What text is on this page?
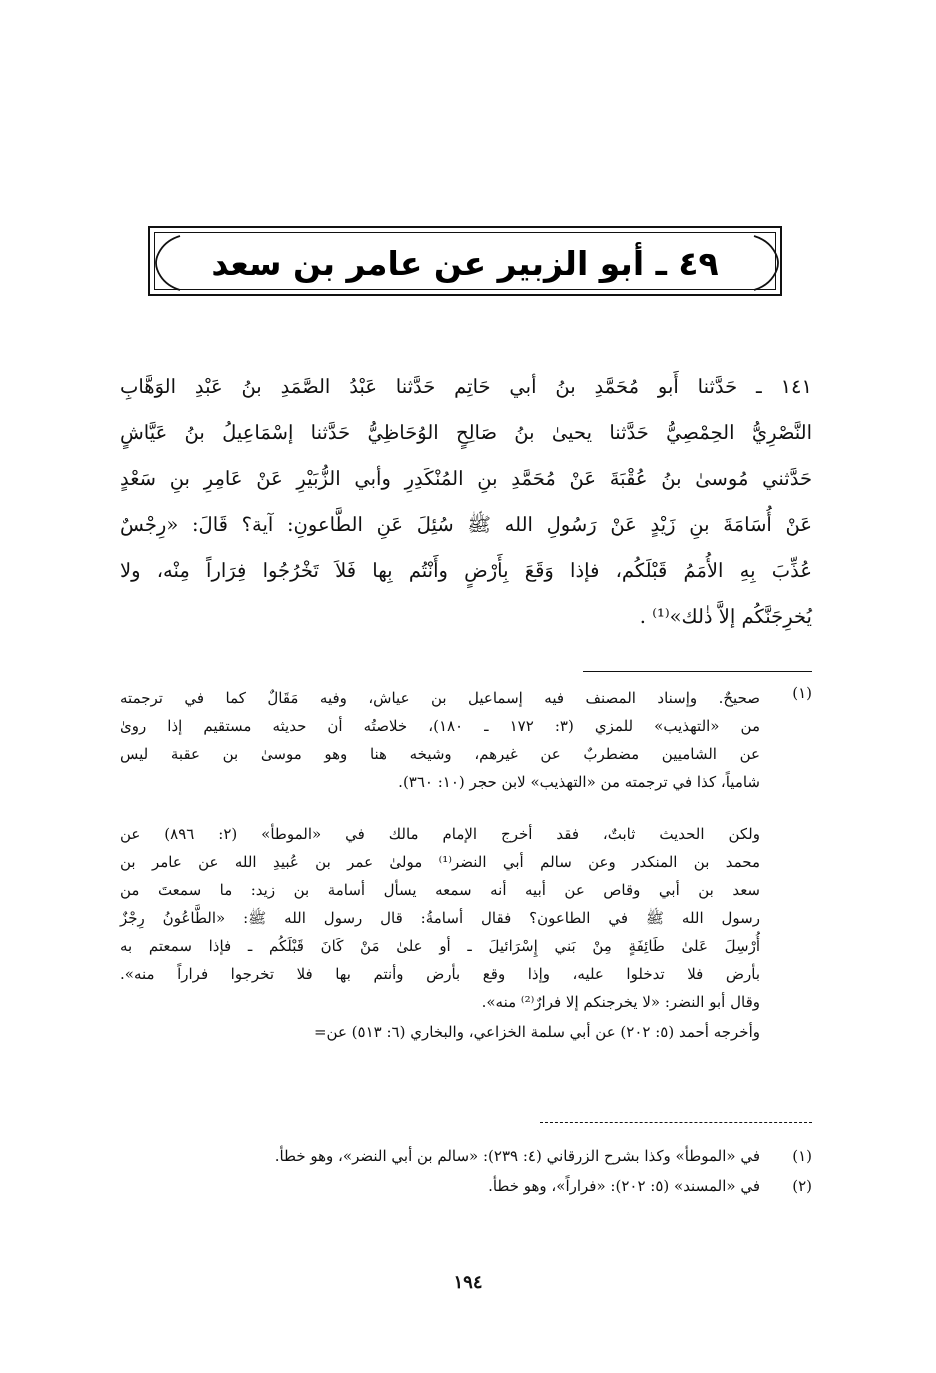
٤٩ ـ أبو الزبير عن عامر بن سعد
١٤١ ـ حَدَّثنا أَبو مُحَمَّدِ بنُ أبي حَاتِم حَدَّثنا عَبْدُ الصَّمَدِ بنُ عَبْدِ الوَهَّابِ
النَّصْرِيُّ الحِمْصِيُّ حَدَّثنا يحيىٰ بنُ صَالِحٍ الوُحَاظِيُّ حَدَّثنا إسْمَاعِيلُ بنُ عَيَّاشٍ
حَدَّثني مُوسىٰ بنُ عُقْبَةَ عَنْ مُحَمَّدِ بنِ المُنْكَدِرِ وأبي الزُّبَيْرِ عَنْ عَامِرِ بنِ سَعْدٍ
عَنْ أُسَامَةَ بنِ زَيْدٍ عَنْ رَسُولِ الله ﷺ سُئِلَ عَنِ الطَّاعونِ: آية؟ قَالَ: «رِجْسٌ
عُذِّبَ بِهِ الأُمَمُ قَبْلَكُم، فإذا وَقَعَ بِأَرْضٍ وأَنْتُم بِها فَلاَ تَخْرُجُوا فِرَاراً مِنْه، ولا
يُخرِجَنَّكُم إلاَّ ذٰلك»⁽¹⁾ .
(١)
صحيحٌ. وإسناد المصنف فيه إسماعيل بن عياش، وفيه مَقَالٌ كما في ترجمته
من «التهذيب» للمزي (٣: ١٧٢ ـ ١٨٠)، خلاصتُه أن حديثه مستقيم إذا روىٰ
عن الشاميين مضطربٌ عن غيرهم، وشيخه هنا وهو موسىٰ بن عقبة ليس
شامياً، كذا في ترجمته من «التهذيب» لابن حجر (١٠: ٣٦٠).
ولكن الحديث ثابتٌ، فقد أخرج الإمام مالك في «الموطأ» (٢: ٨٩٦) عن
محمد بن المنكدر وعن سالم أبي النضر⁽¹⁾ مولىٰ عمر بن عُبيدِ الله عن عامر بن
سعد بن أبي وقاص عن أبيه أنه سمعه يسأل أسامة بن زيد: ما سمعتَ من
رسول الله ﷺ في الطاعون؟ فقال أسامةُ: قال رسول الله ﷺ: «الطَّاعُونُ رِجْزٌ
أُرْسِلَ عَلىٰ طَائِفَةٍ مِنْ بَني إِسْرَائيلَ ـ أو علىٰ مَنْ كَانَ قَبْلَكُم ـ فإذا سمعتم به
بأرض فلا تدخلوا عليه، وإذا وقع بأرض وأنتم بها فلا تخرجوا فراراً منه».
وقال أبو النضر: «لا يخرجنكم إلا فرارٌ⁽²⁾ منه».
وأخرجه أحمد (٥: ٢٠٢) عن أبي سلمة الخزاعي، والبخاري (٦: ٥١٣) عن=
(١)في «الموطأ» وكذا بشرح الزرقاني (٤: ٢٣٩): «سالم بن أبي النضر»، وهو خطأ.
(٢)في «المسند» (٥: ٢٠٢): «فراراً»، وهو خطأ.
١٩٤
